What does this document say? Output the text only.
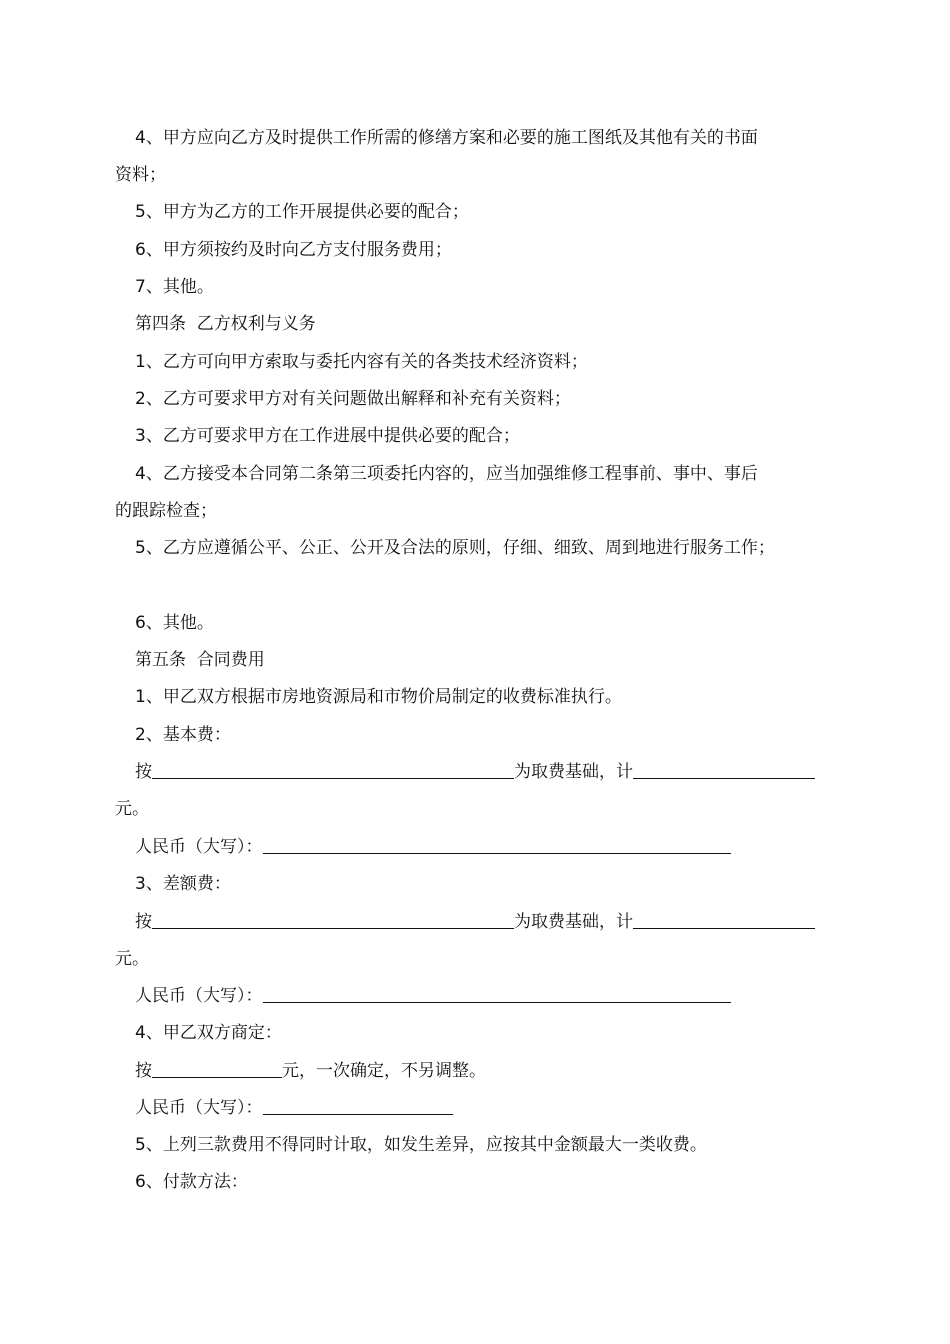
4、甲方应向乙方及时提供工作所需的修缮方案和必要的施工图纸及其他有关的书面
资料；
5、甲方为乙方的工作开展提供必要的配合；
6、甲方须按约及时向乙方支付服务费用；
7、其他。
第四条  乙方权利与义务
1、乙方可向甲方索取与委托内容有关的各类技术经济资料；
2、乙方可要求甲方对有关问题做出解释和补充有关资料；
3、乙方可要求甲方在工作进展中提供必要的配合；
4、乙方接受本合同第二条第三项委托内容的，应当加强维修工程事前、事中、事后
的跟踪检查；
5、乙方应遵循公平、公正、公开及合法的原则，仔细、细致、周到地进行服务工作；
6、其他。
第五条  合同费用
1、甲乙双方根据市房地资源局和市物价局制定的收费标准执行。
2、基本费：
按	为取费基础，计
元。
人民币（大写）：
3、差额费：
按	为取费基础，计
元。
人民币（大写）：
4、甲乙双方商定：
按	元，一次确定，不另调整。
人民币（大写）：
5、上列三款费用不得同时计取，如发生差异，应按其中金额最大一类收费。
6、付款方法：
